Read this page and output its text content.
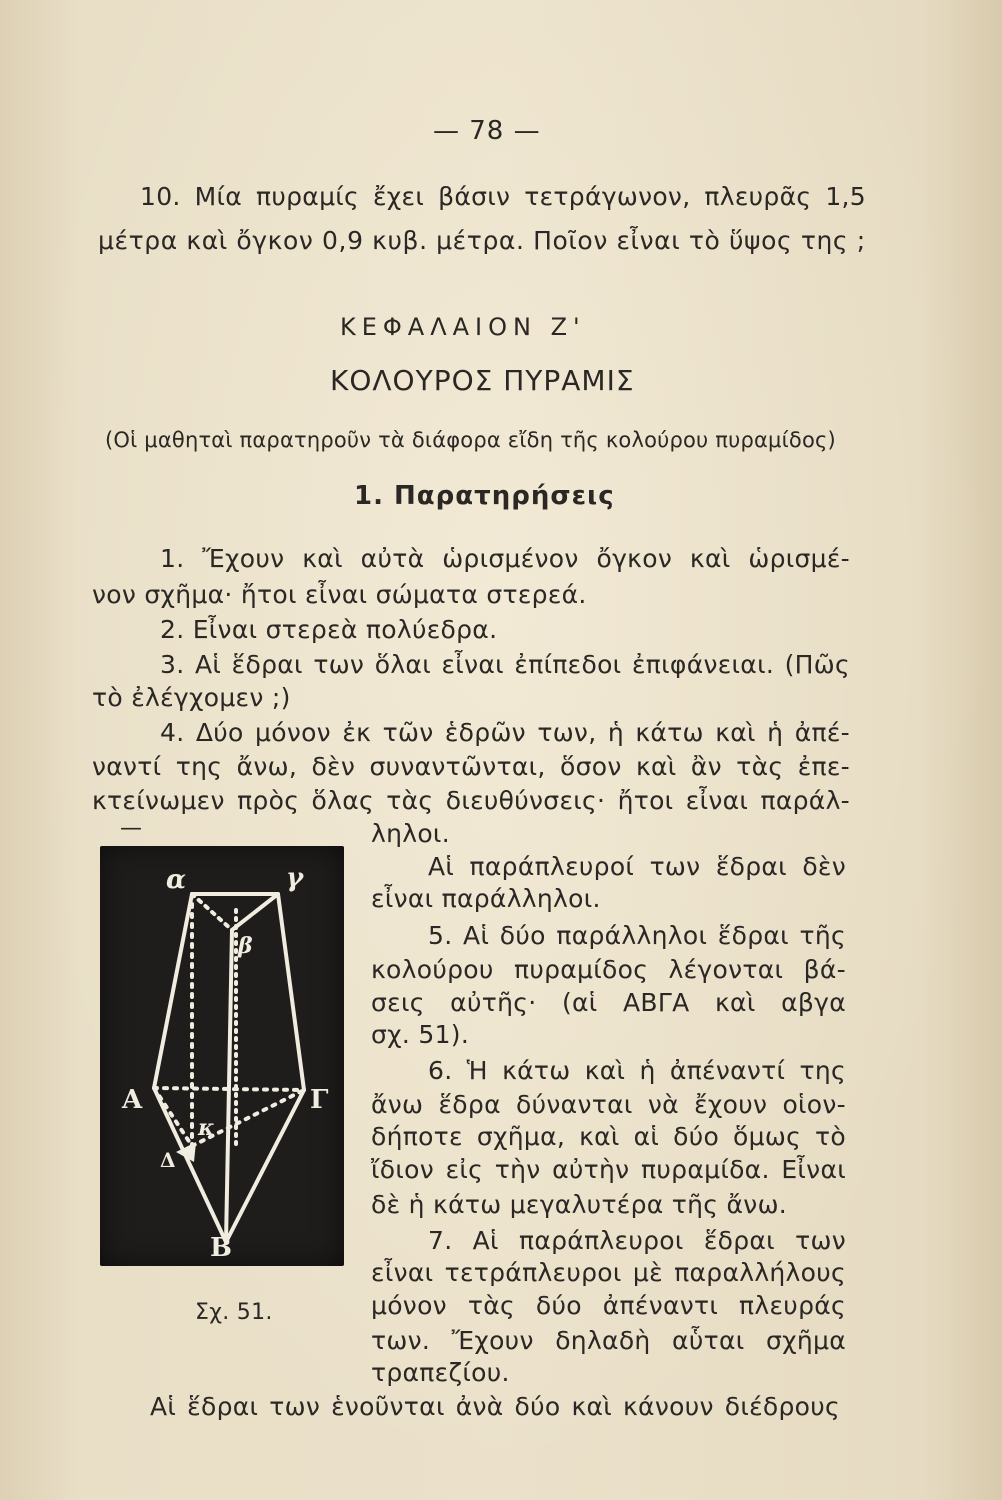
— 78 —
10. Μία πυραμίς ἔχει βάσιν τετράγωνον, πλευρᾶς 1,5
μέτρα καὶ ὄγκον 0,9 κυβ. μέτρα. Ποῖον εἶναι τὸ ὕψος της ;
ΚΕΦΑΛΑΙΟΝ Ζ'
ΚΟΛΟΥΡΟΣ ΠΥΡΑΜΙΣ
(Οἱ μαθηταὶ παρατηροῦν τὰ διάφορα εἴδη τῆς κολούρου πυραμίδος)
1. Παρατηρήσεις
1. Ἔχουν καὶ αὐτὰ ὡρισμένον ὄγκον καὶ ὡρισμέ-
νον σχῆμα· ἤτοι εἶναι σώματα στερεά.
2. Εἶναι στερεὰ πολύεδρα.
3. Αἱ ἕδραι των ὅλαι εἶναι ἐπίπεδοι ἐπιφάνειαι. (Πῶς
τὸ ἐλέγχομεν ;)
4. Δύο μόνον ἐκ τῶν ἑδρῶν των, ἡ κάτω καὶ ἡ ἀπέ-
ναντί της ἄνω, δὲν συναντῶνται, ὅσον καὶ ἂν τὰς ἐπε-
κτείνωμεν πρὸς ὅλας τὰς διευθύνσεις· ἤτοι εἶναι παράλ-
ληλοι.
Αἱ παράπλευροί των ἕδραι δὲν
εἶναι παράλληλοι.
5. Αἱ δύο παράλληλοι ἕδραι τῆς
κολούρου πυραμίδος λέγονται βά-
σεις αὐτῆς· (αἱ ΑΒΓΑ καὶ αβγα
σχ. 51).
6. Ἡ κάτω καὶ ἡ ἀπέναντί της
ἄνω ἕδρα δύνανται νὰ ἔχουν οἱον-
δήποτε σχῆμα, καὶ αἱ δύο ὅμως τὸ
ἴδιον εἰς τὴν αὐτὴν πυραμίδα. Εἶναι
δὲ ἡ κάτω μεγαλυτέρα τῆς ἄνω.
7. Αἱ παράπλευροι ἕδραι των
εἶναι τετράπλευροι μὲ παραλλήλους
μόνον τὰς δύο ἀπέναντι πλευράς
των. Ἔχουν δηλαδὴ αὗται σχῆμα
τραπεζίου.
Αἱ ἕδραι των ἑνοῦνται ἀνὰ δύο καὶ κάνουν διέδρους
—
α	γ
β
Α	Γ
κ
Δ
Β
Σχ. 51.
